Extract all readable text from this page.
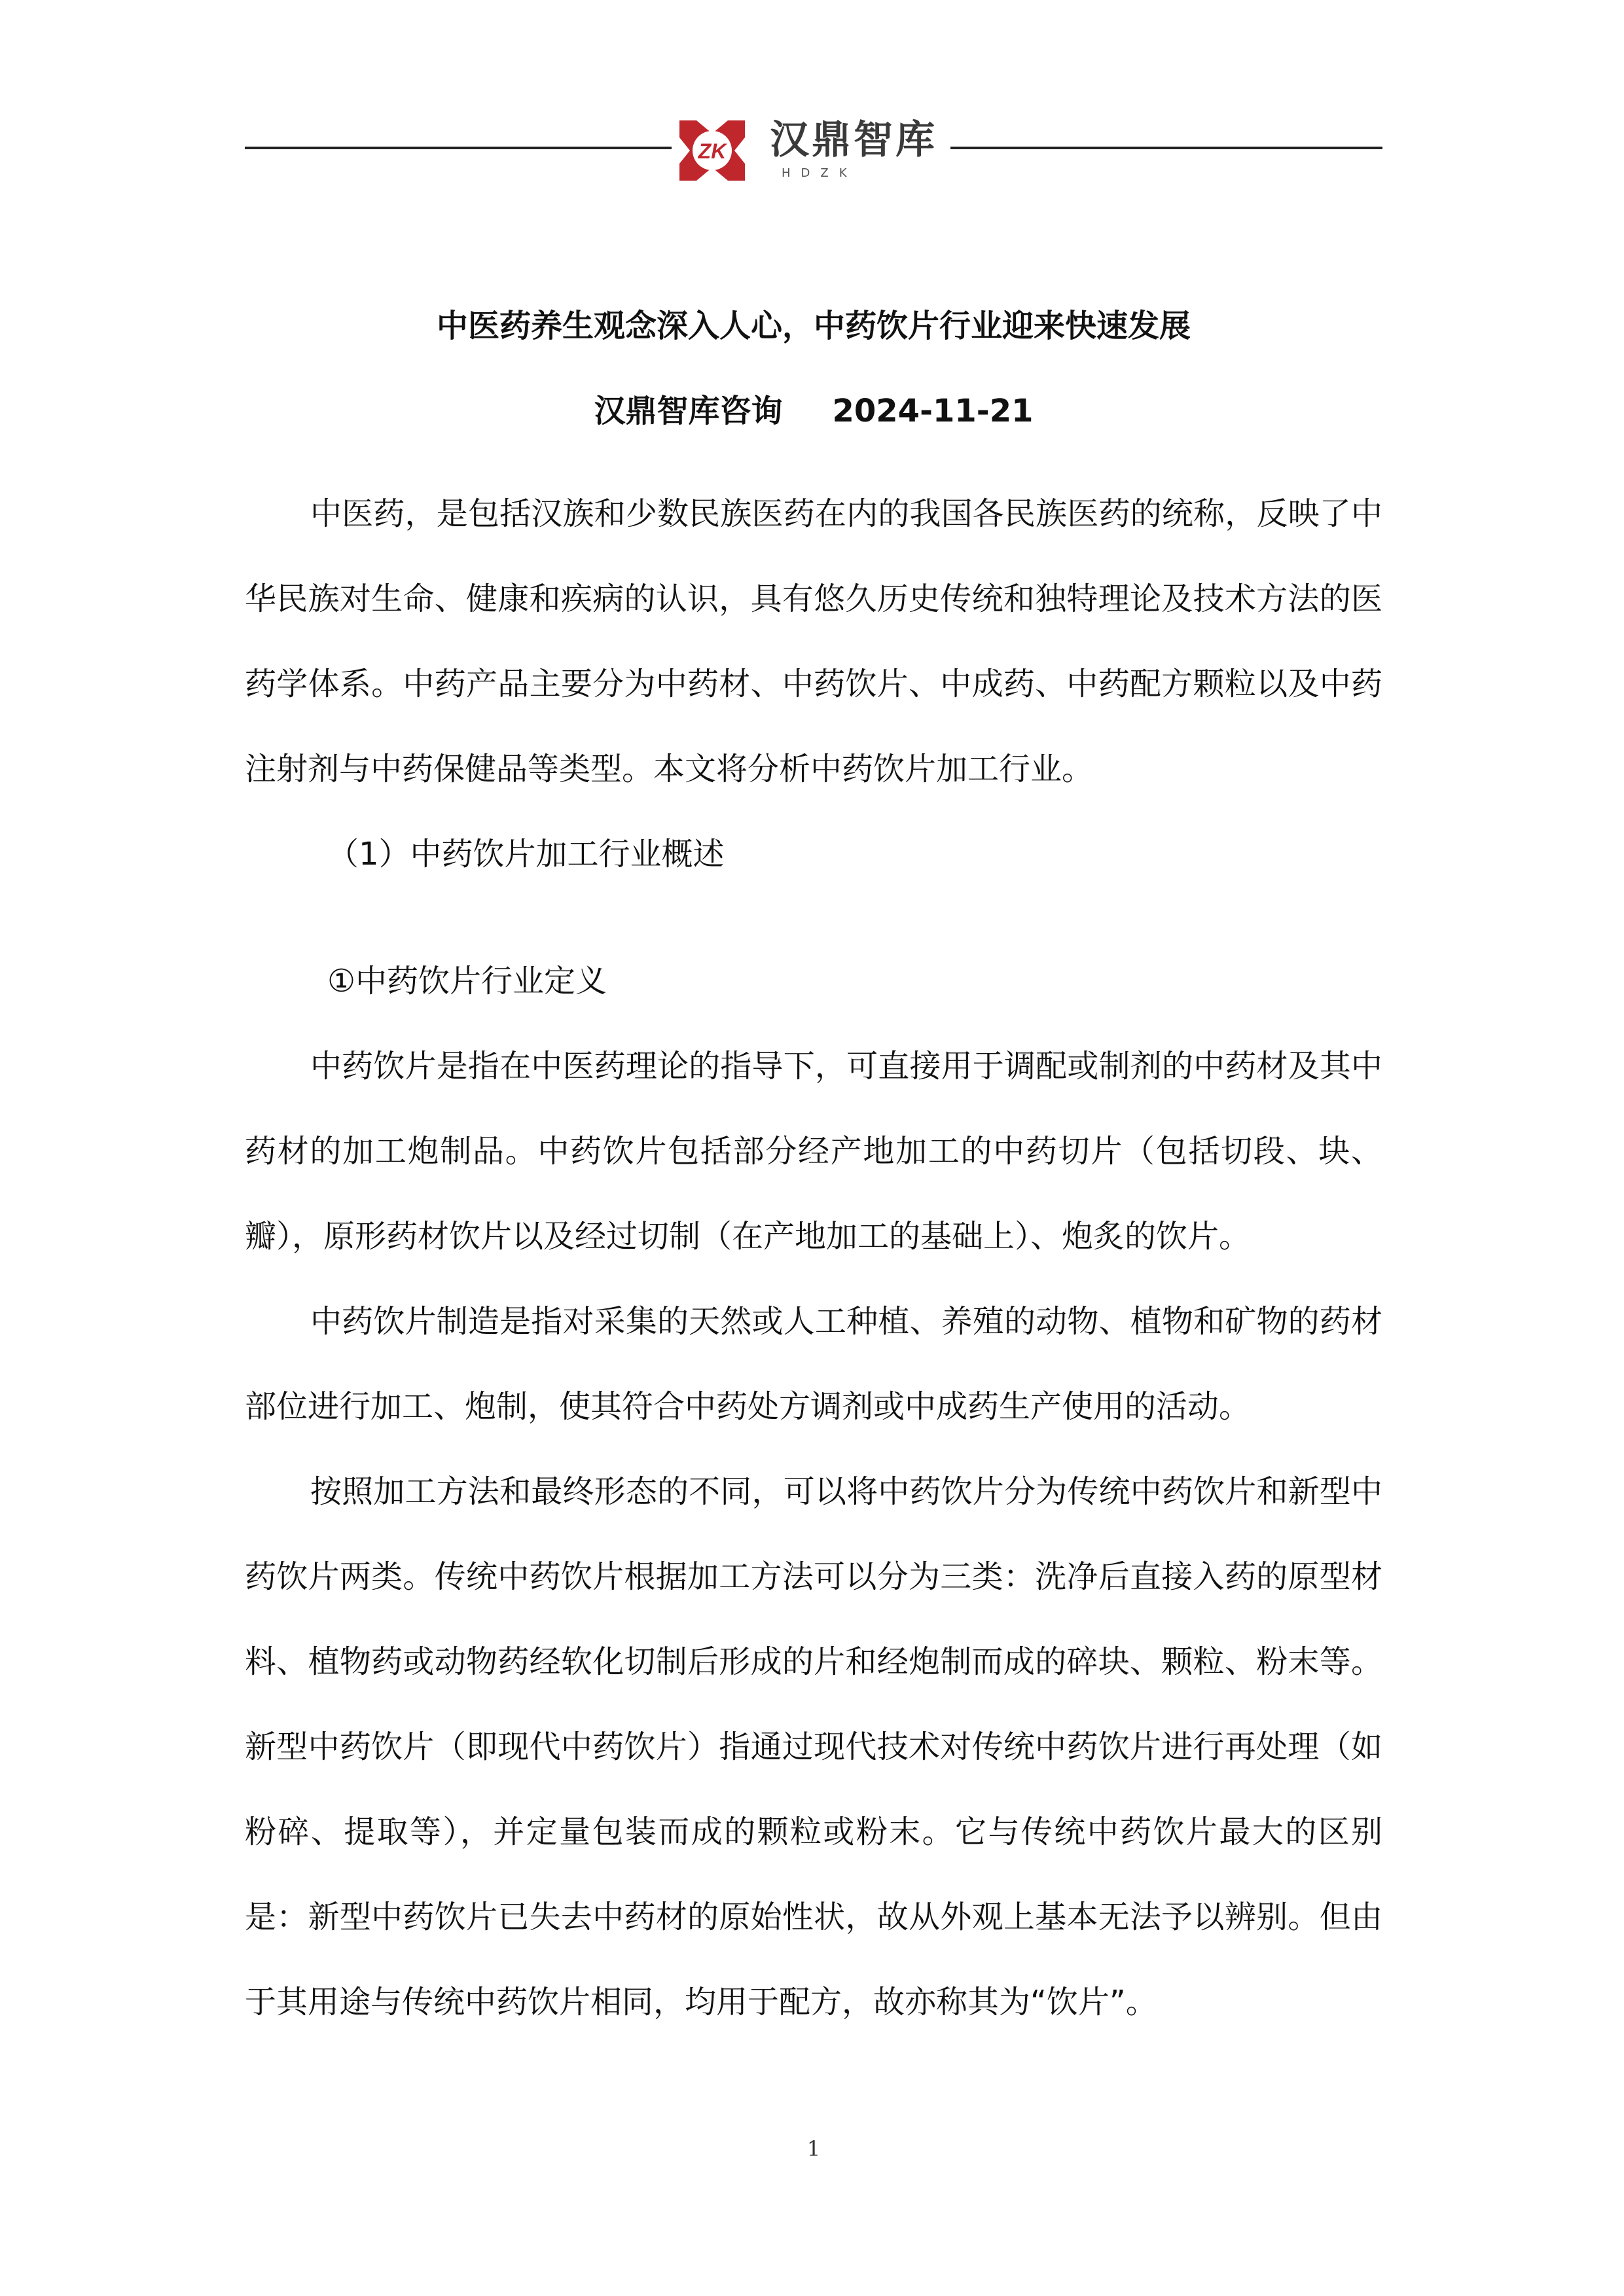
ZK 汉鼎智库
HDZK
中医药养生观念深入人心，中药饮片行业迎来快速发展
汉鼎智库咨询 2024-11-21

中医药，是包括汉族和少数民族医药在内的我国各民族医药的统称，反映了中华民族对生命、健康和疾病的认识，具有悠久历史传统和独特理论及技术方法的医药学体系。中药产品主要分为中药材、中药饮片、中成药、中药配方颗粒以及中药注射剂与中药保健品等类型。本文将分析中药饮片加工行业。

（1）中药饮片加工行业概述

①中药饮片行业定义

中药饮片是指在中医药理论的指导下，可直接用于调配或制剂的中药材及其中药材的加工炮制品。中药饮片包括部分经产地加工的中药切片（包括切段、块、瓣），原形药材饮片以及经过切制（在产地加工的基础上）、炮炙的饮片。

中药饮片制造是指对采集的天然或人工种植、养殖的动物、植物和矿物的药材部位进行加工、炮制，使其符合中药处方调剂或中成药生产使用的活动。

按照加工方法和最终形态的不同，可以将中药饮片分为传统中药饮片和新型中药饮片两类。传统中药饮片根据加工方法可以分为三类：洗净后直接入药的原型材料、植物药或动物药经软化切制后形成的片和经炮制而成的碎块、颗粒、粉末等。新型中药饮片（即现代中药饮片）指通过现代技术对传统中药饮片进行再处理（如粉碎、提取等），并定量包装而成的颗粒或粉末。它与传统中药饮片最大的区别是：新型中药饮片已失去中药材的原始性状，故从外观上基本无法予以辨别。但由于其用途与传统中药饮片相同，均用于配方，故亦称其为“饮片”。

1
